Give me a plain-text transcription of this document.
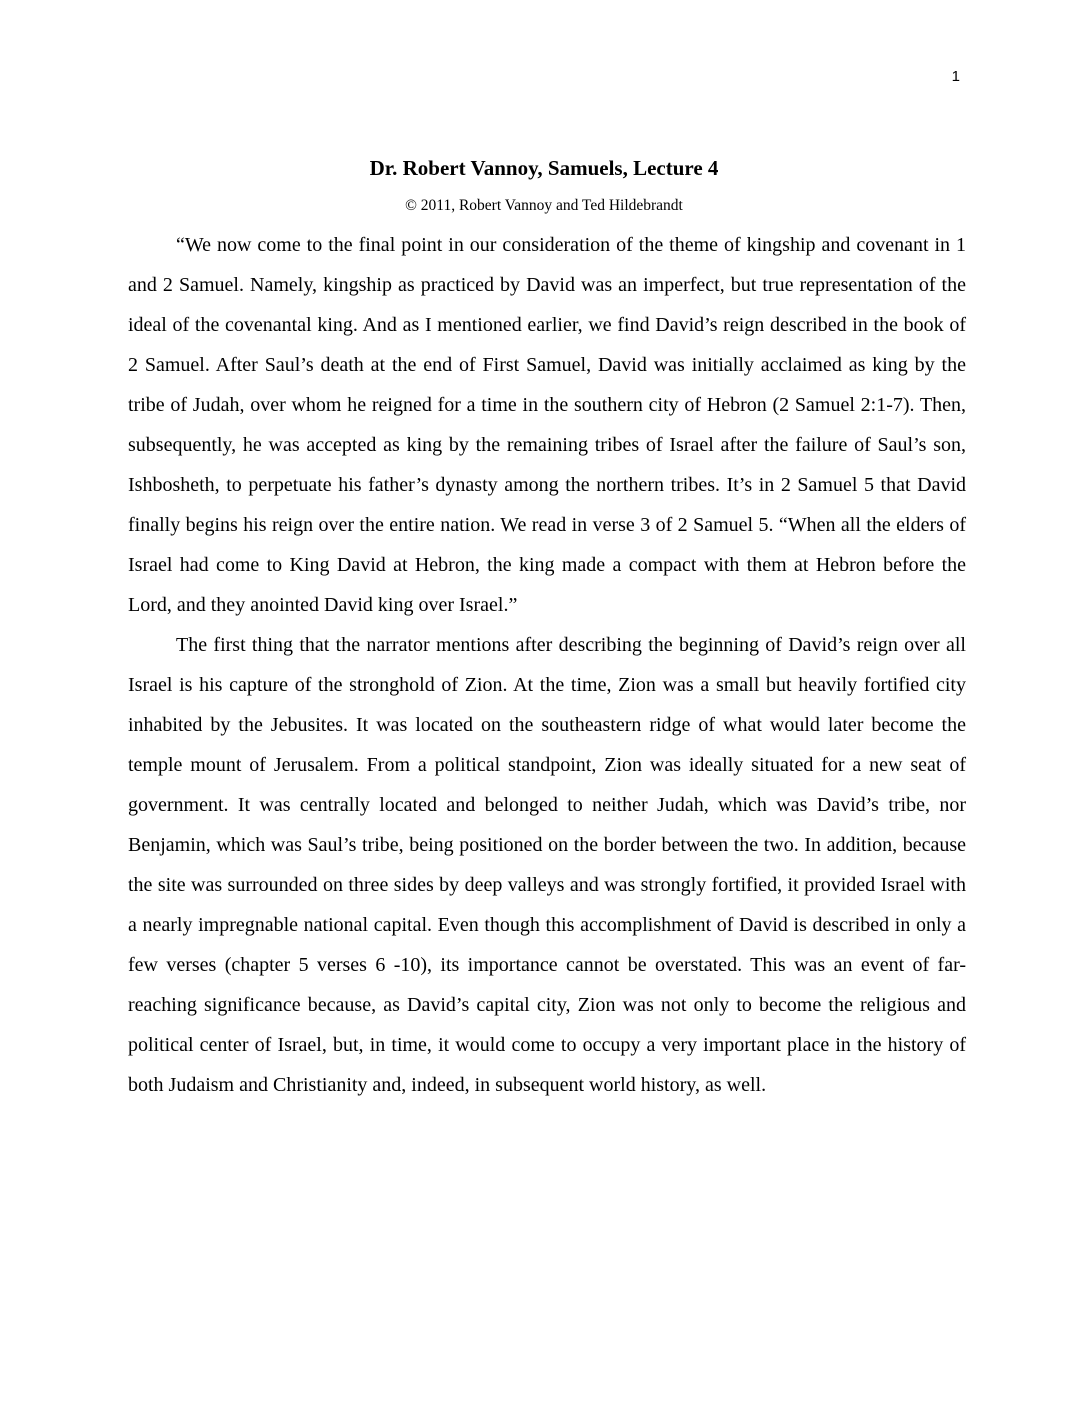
1
Dr. Robert Vannoy, Samuels, Lecture 4
© 2011, Robert Vannoy and Ted Hildebrandt

“We now come to the final point in our consideration of the theme of kingship and covenant in 1 and 2 Samuel. Namely, kingship as practiced by David was an imperfect, but true representation of the ideal of the covenantal king. And as I mentioned earlier, we find David’s reign described in the book of 2 Samuel. After Saul’s death at the end of First Samuel, David was initially acclaimed as king by the tribe of Judah, over whom he reigned for a time in the southern city of Hebron (2 Samuel 2:1-7). Then, subsequently, he was accepted as king by the remaining tribes of Israel after the failure of Saul’s son, Ishbosheth, to perpetuate his father’s dynasty among the northern tribes. It’s in 2 Samuel 5 that David finally begins his reign over the entire nation. We read in verse 3 of 2 Samuel 5. “When all the elders of Israel had come to King David at Hebron, the king made a compact with them at Hebron before the Lord, and they anointed David king over Israel.”

The first thing that the narrator mentions after describing the beginning of David’s reign over all Israel is his capture of the stronghold of Zion. At the time, Zion was a small but heavily fortified city inhabited by the Jebusites. It was located on the southeastern ridge of what would later become the temple mount of Jerusalem. From a political standpoint, Zion was ideally situated for a new seat of government. It was centrally located and belonged to neither Judah, which was David’s tribe, nor Benjamin, which was Saul’s tribe, being positioned on the border between the two. In addition, because the site was surrounded on three sides by deep valleys and was strongly fortified, it provided Israel with a nearly impregnable national capital. Even though this accomplishment of David is described in only a few verses (chapter 5 verses 6 -10), its importance cannot be overstated. This was an event of far-reaching significance because, as David’s capital city, Zion was not only to become the religious and political center of Israel, but, in time, it would come to occupy a very important place in the history of both Judaism and Christianity and, indeed, in subsequent world history, as well.
